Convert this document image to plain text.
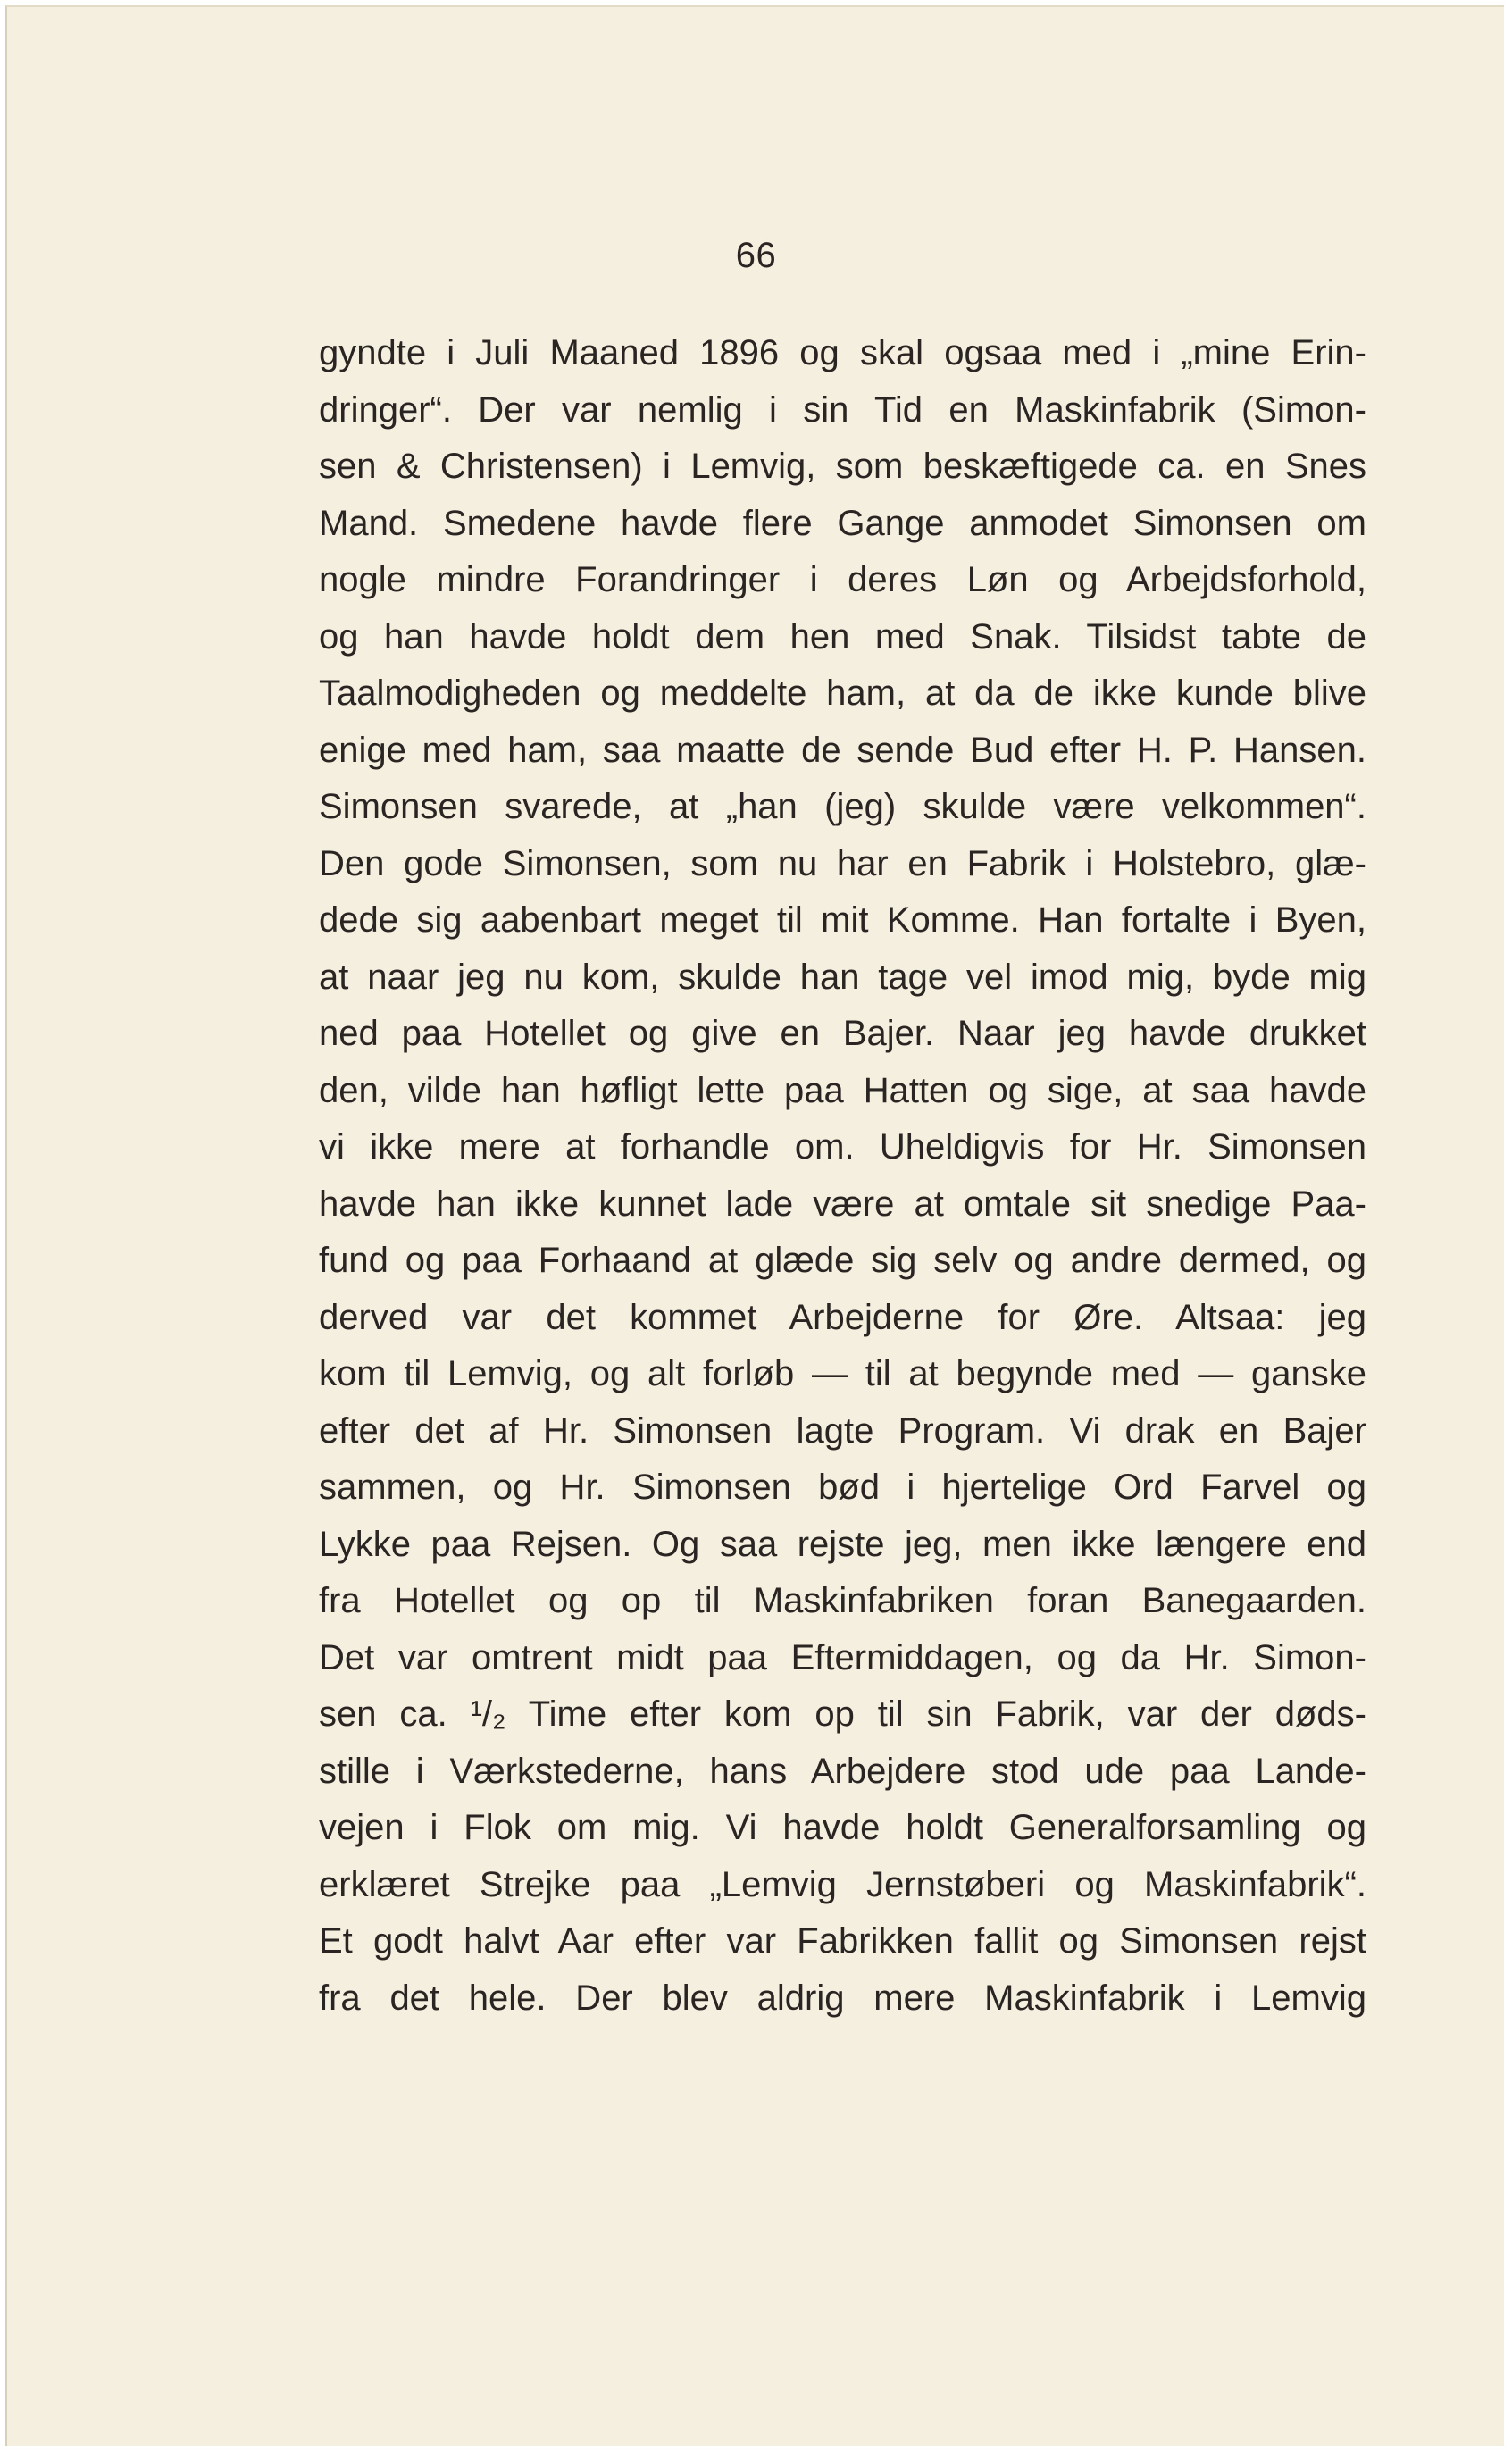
66
gyndte i Juli Maaned 1896 og skal ogsaa med i „mine Erin-
dringer“. Der var nemlig i sin Tid en Maskinfabrik (Simon-
sen & Christensen) i Lemvig, som beskæftigede ca. en Snes
Mand. Smedene havde flere Gange anmodet Simonsen om
nogle mindre Forandringer i deres Løn og Arbejdsforhold,
og han havde holdt dem hen med Snak. Tilsidst tabte de
Taalmodigheden og meddelte ham, at da de ikke kunde blive
enige med ham, saa maatte de sende Bud efter H. P. Hansen.
Simonsen svarede, at „han (jeg) skulde være velkommen“.
Den gode Simonsen, som nu har en Fabrik i Holstebro, glæ-
dede sig aabenbart meget til mit Komme. Han fortalte i Byen,
at naar jeg nu kom, skulde han tage vel imod mig, byde mig
ned paa Hotellet og give en Bajer. Naar jeg havde drukket
den, vilde han høfligt lette paa Hatten og sige, at saa havde
vi ikke mere at forhandle om. Uheldigvis for Hr. Simonsen
havde han ikke kunnet lade være at omtale sit snedige Paa-
fund og paa Forhaand at glæde sig selv og andre dermed, og
derved var det kommet Arbejderne for Øre. Altsaa: jeg
kom til Lemvig, og alt forløb — til at begynde med — ganske
efter det af Hr. Simonsen lagte Program. Vi drak en Bajer
sammen, og Hr. Simonsen bød i hjertelige Ord Farvel og
Lykke paa Rejsen. Og saa rejste jeg, men ikke længere end
fra Hotellet og op til Maskinfabriken foran Banegaarden.
Det var omtrent midt paa Eftermiddagen, og da Hr. Simon-
sen ca. ¹/₂ Time efter kom op til sin Fabrik, var der døds-
stille i Værkstederne, hans Arbejdere stod ude paa Lande-
vejen i Flok om mig. Vi havde holdt Generalforsamling og
erklæret Strejke paa „Lemvig Jernstøberi og Maskinfabrik“.
Et godt halvt Aar efter var Fabrikken fallit og Simonsen rejst
fra det hele. Der blev aldrig mere Maskinfabrik i Lemvig
